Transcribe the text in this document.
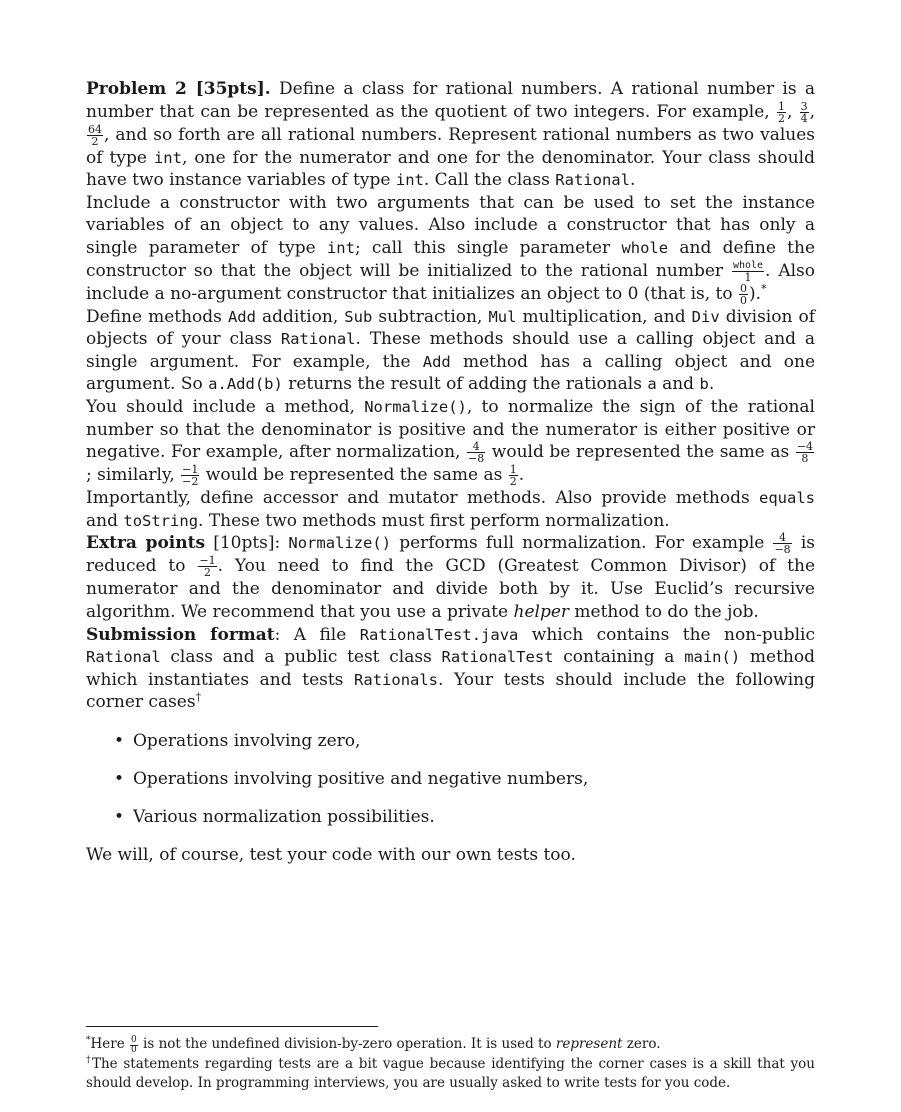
Problem 2 [35pts]. Define a class for rational numbers. A rational number is a number that can be represented as the quotient of two integers. For example, $\frac{1}{2}$ , $\frac{3}{4}$ ,
$\frac{64}{2}$ , and so forth are all rational numbers. Represent rational numbers as two values of type int, one for the numerator and one for the denominator. Your class should have two instance variables of type int. Call the class Rational.

Include a constructor with two arguments that can be used to set the instance variables of an object to any values. Also include a constructor that has only a single parameter of type int; call this single parameter whole and define the constructor so that the object will be initialized to the rational number $\frac{\text{whole}}{1}$ . Also include a no-argument constructor that initializes an object to 0 (that is, to $\frac{0}{0} ).^*$

Define methods Add addition, Sub subtraction, Mul multiplication, and Div division of objects of your class Rational. These methods should use a calling object and a single argument. For example, the Add method has a calling object and one argument. So a.Add(b) returns the result of adding the rationals a and b.

You should include a method, Normalize(), to normalize the sign of the rational number so that the denominator is positive and the numerator is either positive or negative. For example, after normalization, $\frac{4}{-8}$ would be represented the same as $\frac{-4}{8}$
; similarly, $\frac{-1}{-2}$ would be represented the same as $\frac{1}{2}$ .

Importantly, define accessor and mutator methods. Also provide methods equals and toString. These two methods must first perform normalization.

Extra points [10pts]: Normalize() performs full normalization. For example $\frac{4}{-8}$ is reduced to $\frac{-1}{2}$ . You need to find the GCD (Greatest Common Divisor) of the numerator and the denominator and divide both by it. Use Euclid’s recursive algorithm. We recommend that you use a private helper method to do the job.

Submission format: A file RationalTest.java which contains the non-public Rational class and a public test class RationalTest containing a main() method which instantiates and tests Rationals. Your tests should include the following corner cases†

• Operations involving zero,
• Operations involving positive and negative numbers,
• Various normalization possibilities.

We will, of course, test your code with our own tests too.

*Here $\frac{0}{0}$ is not the undefined division-by-zero operation. It is used to represent zero.

†The statements regarding tests are a bit vague because identifying the corner cases is a skill that you should develop. In programming interviews, you are usually asked to write tests for you code.
